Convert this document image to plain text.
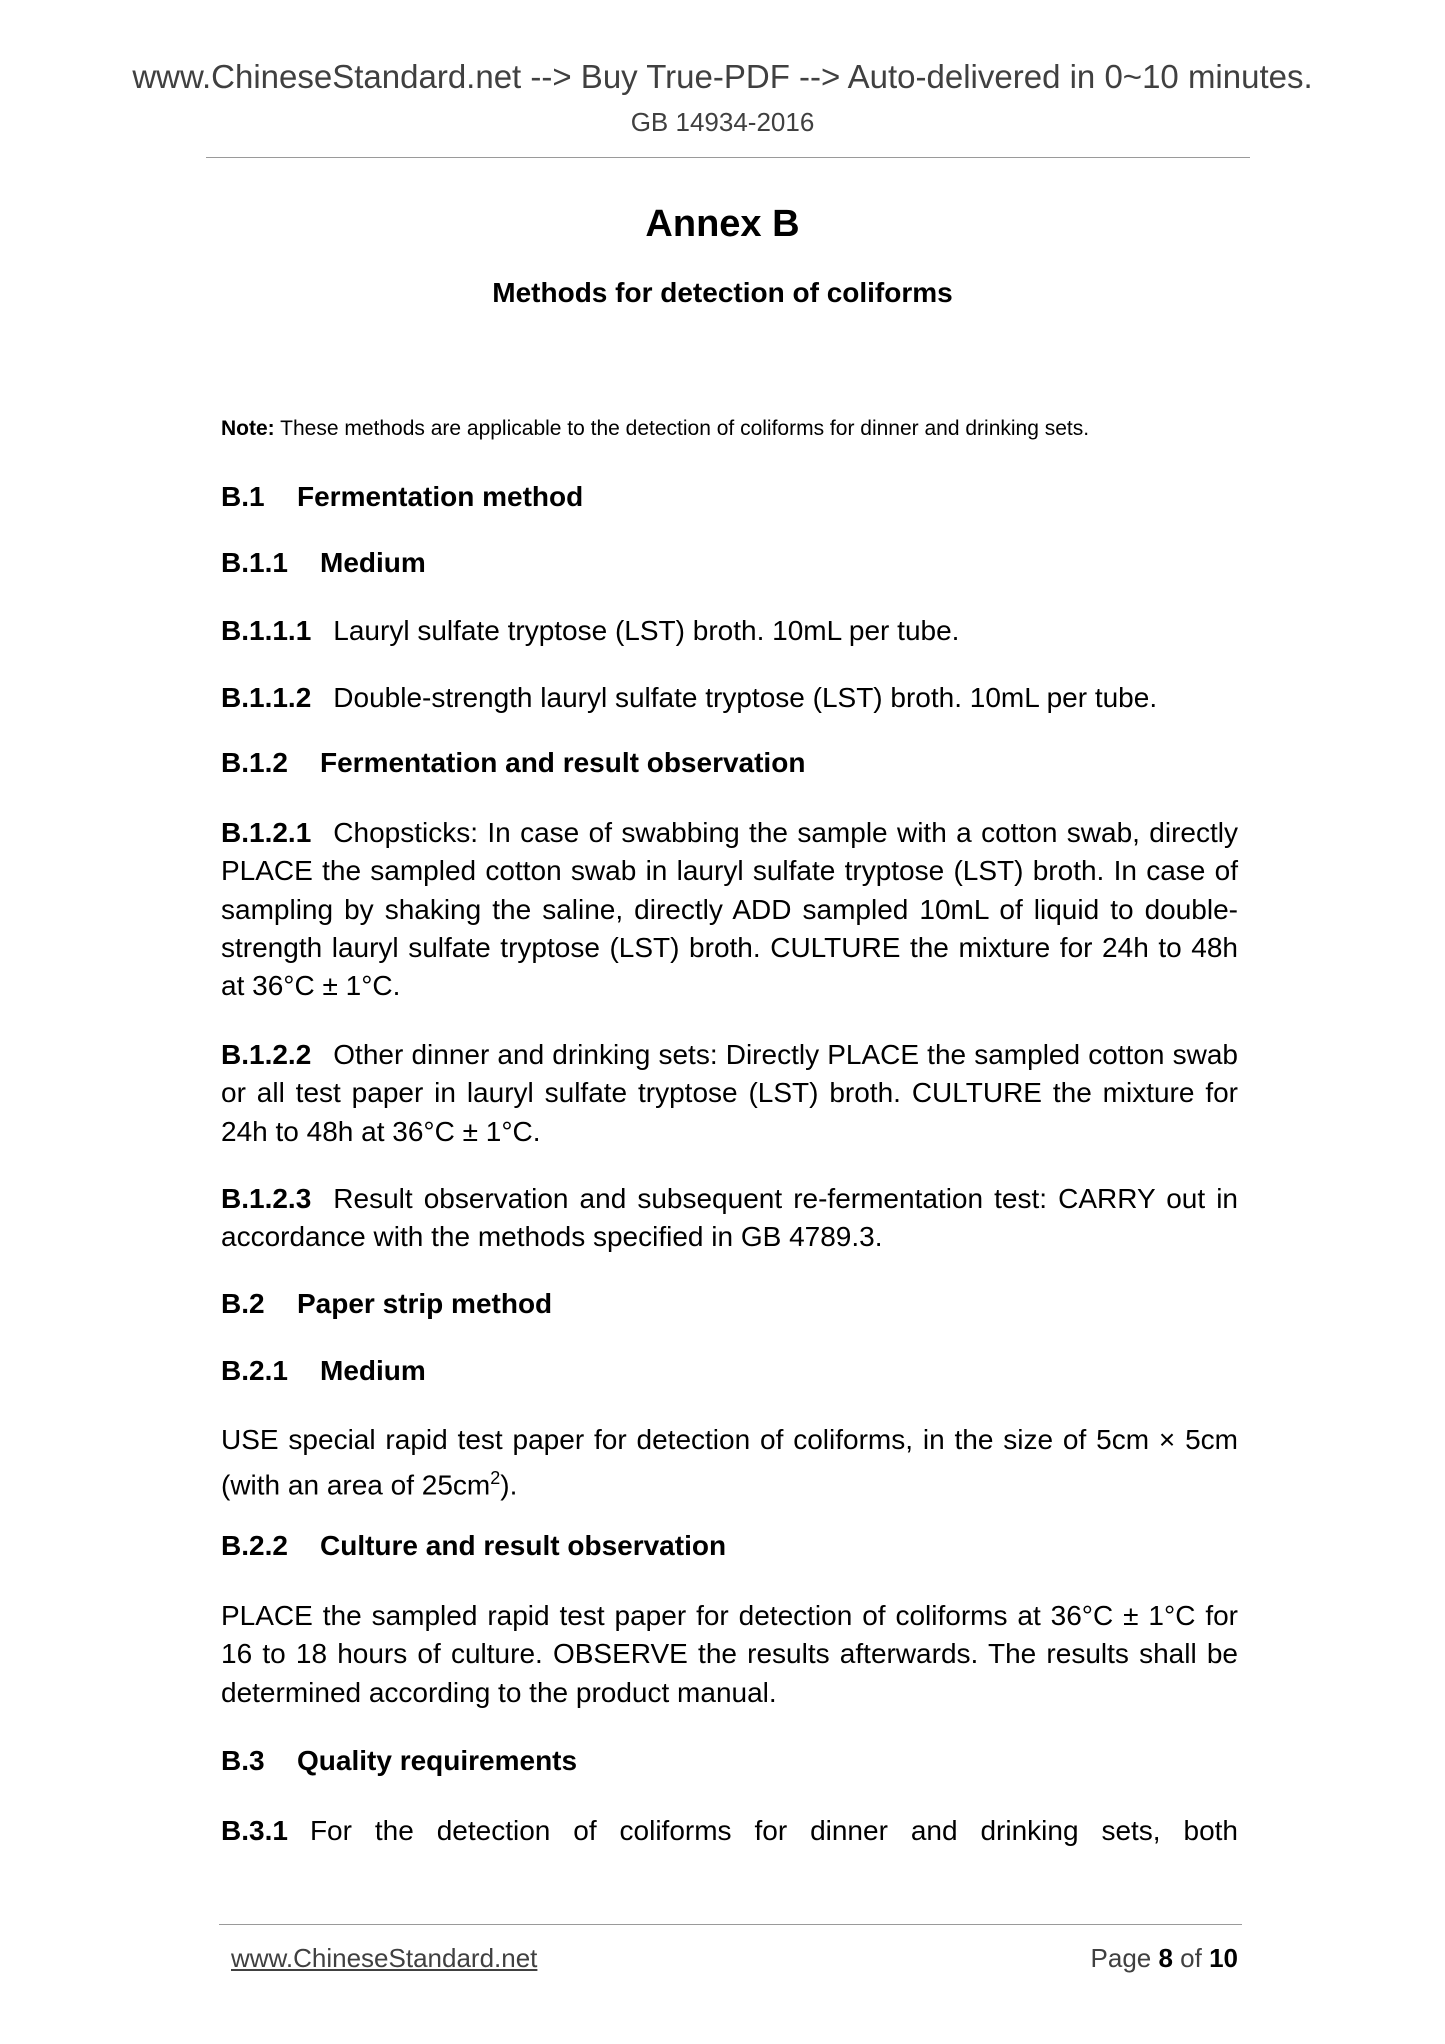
www.ChineseStandard.net --> Buy True-PDF --> Auto-delivered in 0~10 minutes.
GB 14934-2016
Annex B
Methods for detection of coliforms
Note: These methods are applicable to the detection of coliforms for dinner and drinking sets.
B.1 Fermentation method
B.1.1 Medium
B.1.1.1 Lauryl sulfate tryptose (LST) broth. 10mL per tube.
B.1.1.2 Double-strength lauryl sulfate tryptose (LST) broth. 10mL per tube.
B.1.2 Fermentation and result observation
B.1.2.1 Chopsticks: In case of swabbing the sample with a cotton swab, directly PLACE the sampled cotton swab in lauryl sulfate tryptose (LST) broth. In case of sampling by shaking the saline, directly ADD sampled 10mL of liquid to double-strength lauryl sulfate tryptose (LST) broth. CULTURE the mixture for 24h to 48h at 36°C ± 1°C.
B.1.2.2 Other dinner and drinking sets: Directly PLACE the sampled cotton swab or all test paper in lauryl sulfate tryptose (LST) broth. CULTURE the mixture for 24h to 48h at 36°C ± 1°C.
B.1.2.3 Result observation and subsequent re-fermentation test: CARRY out in accordance with the methods specified in GB 4789.3.
B.2 Paper strip method
B.2.1 Medium
USE special rapid test paper for detection of coliforms, in the size of 5cm × 5cm (with an area of $25cm^2$).
B.2.2 Culture and result observation
PLACE the sampled rapid test paper for detection of coliforms at 36°C ± 1°C for 16 to 18 hours of culture. OBSERVE the results afterwards. The results shall be determined according to the product manual.
B.3 Quality requirements
B.3.1 For the detection of coliforms for dinner and drinking sets, both
www.ChineseStandard.net	Page 8 of 10
